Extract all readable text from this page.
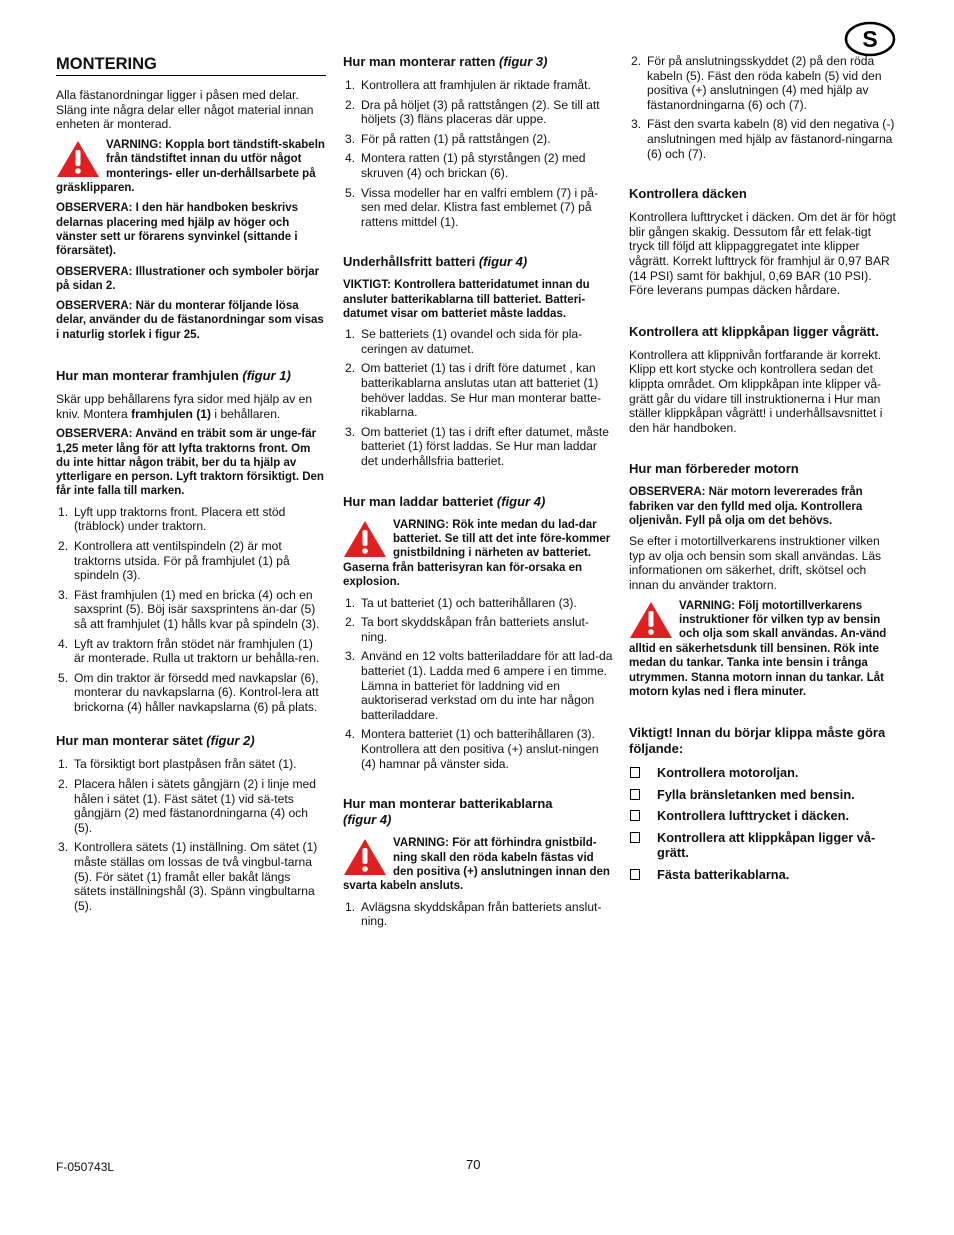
S
MONTERING

Alla fästanordningar ligger i påsen med delar. Släng inte några delar eller något material innan enheten är monterad.

VARNING: Koppla bort tändstift-skabeln från tändstiftet innan du utför något monterings- eller un-derhållsarbete på gräsklipparen.

OBSERVERA: I den här handboken beskrivs delarnas placering med hjälp av höger och vänster sett ur förarens synvinkel (sittande i förarsätet).

OBSERVERA: Illustrationer och symboler börjar på sidan 2.

OBSERVERA: När du monterar följande lösa delar, använder du de fästanordningar som visas i naturlig storlek i figur 25.

Hur man monterar framhjulen (figur 1)

Skär upp behållarens fyra sidor med hjälp av en kniv. Montera framhjulen (1) i behållaren.

OBSERVERA: Använd en träbit som är unge-fär 1,25 meter lång för att lyfta traktorns front. Om du inte hittar någon träbit, ber du ta hjälp av ytterligare en person. Lyft traktorn försiktigt. Den får inte falla till marken.

1. Lyft upp traktorns front. Placera ett stöd (träblock) under traktorn.
2. Kontrollera att ventilspindeln (2) är mot traktorns utsida. För på framhjulet (1) på spindeln (3).
3. Fäst framhjulen (1) med en bricka (4) och en saxsprint (5). Böj isär saxsprintens än-dar (5) så att framhjulet (1) hålls kvar på spindeln (3).
4. Lyft av traktorn från stödet när framhjulen (1) är monterade. Rulla ut traktorn ur behålla-ren.
5. Om din traktor är försedd med navkapslar (6), monterar du navkapslarna (6). Kontrol-lera att brickorna (4) håller navkapslarna (6) på plats.
Hur man monterar sätet (figur 2)
1. Ta försiktigt bort plastpåsen från sätet (1).
2. Placera hålen i sätets gångjärn (2) i linje med hålen i sätet (1). Fäst sätet (1) vid sä-tets gångjärn (2) med fästanordningarna (4) och (5).
3. Kontrollera sätets (1) inställning. Om sätet (1) måste ställas om lossas de två vingbul-tarna (5). För sätet (1) framåt eller bakåt längs sätets inställningshål (3). Spänn vingbultarna (5).
Hur man monterar ratten (figur 3)
1. Kontrollera att framhjulen är riktade framåt.
2. Dra på höljet (3) på rattstången (2). Se till att höljets (3) fläns placeras där uppe.
3. För på ratten (1) på rattstången (2).
4. Montera ratten (1) på styrstången (2) med skruven (4) och brickan (6).
5. Vissa modeller har en valfri emblem (7) i på-sen med delar. Klistra fast emblemet (7) på rattens mittdel (1).
Underhållsfritt batteri (figur 4)

VIKTIGT: Kontrollera batteridatumet innan du ansluter batterikablarna till batteriet. Batteri-datumet visar om batteriet måste laddas.

1. Se batteriets (1) ovandel och sida för pla-ceringen av datumet.
2. Om batteriet (1) tas i drift före datumet , kan batterikablarna anslutas utan att batteriet (1) behöver laddas. Se Hur man monterar batte-rikablarna.
3. Om batteriet (1) tas i drift efter datumet, måste batteriet (1) först laddas. Se Hur man laddar det underhållsfria batteriet.
Hur man laddar batteriet (figur 4)
VARNING: Rök inte medan du lad-dar batteriet. Se till att det inte före-kommer gnistbildning i närheten av batteriet. Gaserna från batterisyran kan för-orsaka en explosion.
1. Ta ut batteriet (1) och batterihållaren (3).
2. Ta bort skyddskåpan från batteriets anslut-ning.
3. Använd en 12 volts batteriladdare för att lad-da batteriet (1). Ladda med 6 ampere i en timme. Lämna in batteriet för laddning vid en auktoriserad verkstad om du inte har någon batteriladdare.
4. Montera batteriet (1) och batterihållaren (3). Kontrollera att den positiva (+) anslut-ningen (4) hamnar på vänster sida.
Hur man monterar batterikablarna
(figur 4)
VARNING: För att förhindra gnistbild-ning skall den röda kabeln fästas vid den positiva (+) anslutningen innan den svarta kabeln ansluts.
1. Avlägsna skyddskåpan från batteriets anslut-ning.
2. För på anslutningsskyddet (2) på den röda kabeln (5). Fäst den röda kabeln (5) vid den positiva (+) anslutningen (4) med hjälp av fästanordningarna (6) och (7).
3. Fäst den svarta kabeln (8) vid den negativa (-) anslutningen med hjälp av fästanord-ningarna (6) och (7).
Kontrollera däcken

Kontrollera lufttrycket i däcken. Om det är för högt blir gången skakig. Dessutom får ett felak-tigt tryck till följd att klippaggregatet inte klipper vågrätt. Korrekt lufttryck för framhjul är 0,97 BAR (14 PSI) samt för bakhjul, 0,69 BAR (10 PSI). Före leverans pumpas däcken hårdare.

Kontrollera att klippkåpan ligger vågrätt.

Kontrollera att klippnivån fortfarande är korrekt. Klipp ett kort stycke och kontrollera sedan det klippta området. Om klippkåpan inte klipper vå-grätt går du vidare till instruktionerna i Hur man ställer klippkåpan vågrätt! i underhållsavsnittet i den här handboken.

Hur man förbereder motorn

OBSERVERA: När motorn levererades från fabriken var den fylld med olja. Kontrollera oljenivån. Fyll på olja om det behövs.

Se efter i motortillverkarens instruktioner vilken typ av olja och bensin som skall användas. Läs informationen om säkerhet, drift, skötsel och innan du använder traktorn.

VARNING: Följ motortillverkarens instruktioner för vilken typ av bensin och olja som skall användas. An-vänd alltid en säkerhetsdunk till bensinen. Rök inte medan du tankar. Tanka inte bensin i trånga utrymmen. Stanna motorn innan du tankar. Låt motorn kylas ned i flera minuter.
Viktigt! Innan du börjar klippa måste göra följande:
Kontrollera motoroljan.
Fylla bränsletanken med bensin.
Kontrollera lufttrycket i däcken.
Kontrollera att klippkåpan ligger vå-grätt.
Fästa batterikablarna.
F-050743L	70
